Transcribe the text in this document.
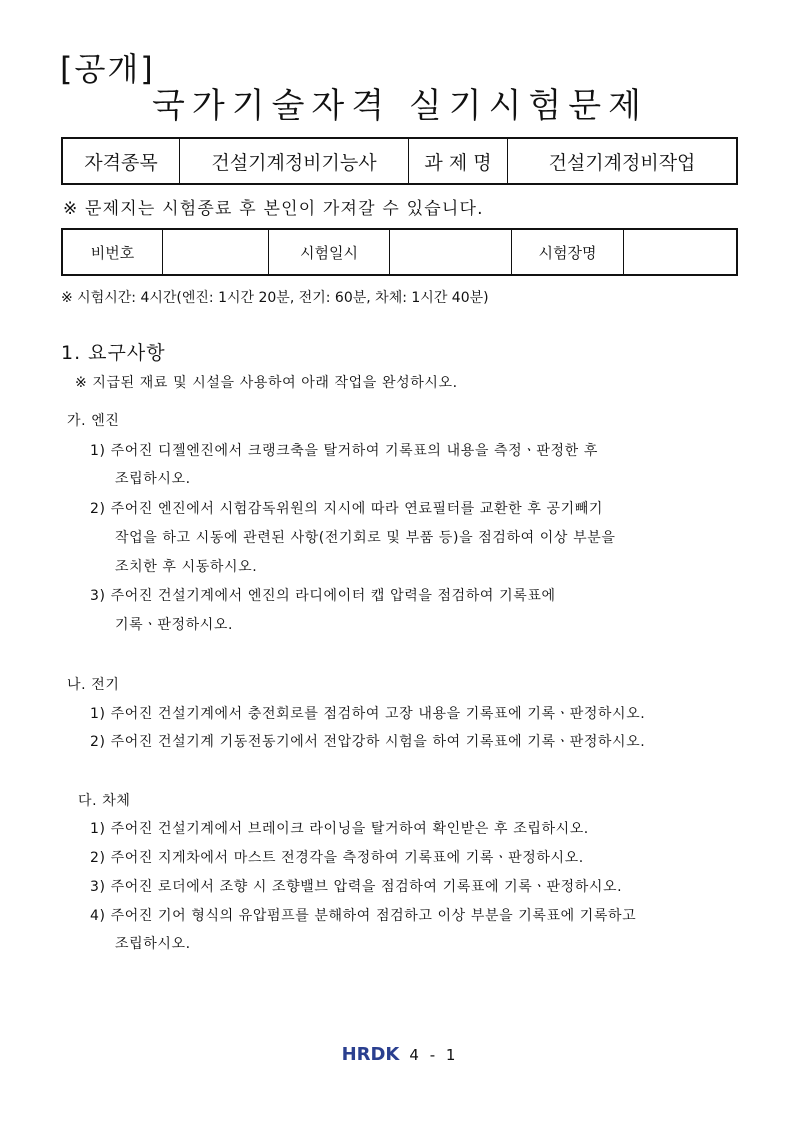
[공개]
국가기술자격 실기시험문제
자격종목	건설기계정비기능사	과 제 명	건설기계정비작업
※ 문제지는 시험종료 후 본인이 가져갈 수 있습니다.
비번호	시험일시	시험장명
※ 시험시간: 4시간(엔진: 1시간 20분, 전기: 60분, 차체: 1시간 40분)
1. 요구사항
※ 지급된 재료 및 시설을 사용하여 아래 작업을 완성하시오.
가. 엔진
1) 주어진 디젤엔진에서 크랭크축을 탈거하여 기록표의 내용을 측정ㆍ판정한 후
조립하시오.
2) 주어진 엔진에서 시험감독위원의 지시에 따라 연료필터를 교환한 후 공기빼기
작업을 하고 시동에 관련된 사항(전기회로 및 부품 등)을 점검하여 이상 부분을
조치한 후 시동하시오.
3) 주어진 건설기계에서 엔진의 라디에이터 캡 압력을 점검하여 기록표에
기록ㆍ판정하시오.
나. 전기
1) 주어진 건설기계에서 충전회로를 점검하여 고장 내용을 기록표에 기록ㆍ판정하시오.
2) 주어진 건설기계 기동전동기에서 전압강하 시험을 하여 기록표에 기록ㆍ판정하시오.
다. 차체
1) 주어진 건설기계에서 브레이크 라이닝을 탈거하여 확인받은 후 조립하시오.
2) 주어진 지게차에서 마스트 전경각을 측정하여 기록표에 기록ㆍ판정하시오.
3) 주어진 로더에서 조향 시 조향밸브 압력을 점검하여 기록표에 기록ㆍ판정하시오.
4) 주어진 기어 형식의 유압펌프를 분해하여 점검하고 이상 부분을 기록표에 기록하고
조립하시오.
HRDK 4 - 1
